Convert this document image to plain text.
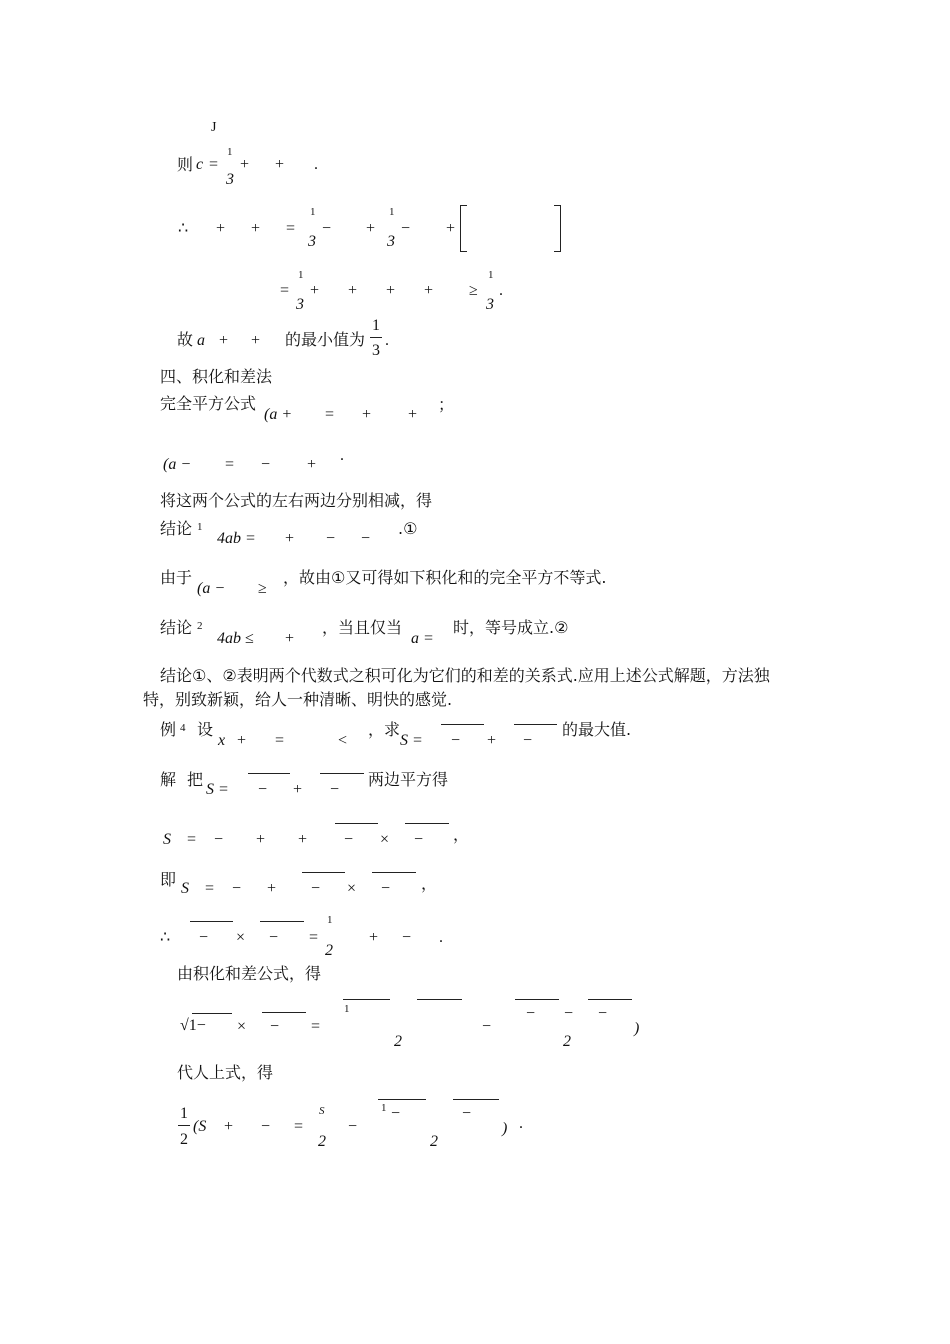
J
则 c =
1
3
+ + .
∴ + + =
1
3
− +
1
3
− +
=
1
3
+ + + + ≥
1
3
.
故 a + + 的最小值为
1
3
.
四、积化和差法
完全平方公式
(a + = + +
；
(a − = − +
.
将这两个公式的左右两边分别相减，得
结论 1
4ab = + − −
.①
由于
(a − ≥
，故由①又可得如下积化和的完全平方不等式.
结论 2
4ab ≤ +
，当且仅当
a =
时，等号成立.②
结论①、②表明两个代数式之积可化为它们的和差的关系式.应用上述公式解题，方法独
特，别致新颖，给人一种清晰、明快的感觉.
例 4 设
x + =	<
，求
S = − + −
的最大值.
解 把
S = − + −
两边平方得
S = − + + − × − ，
即 S = − + − × − ，
∴ − × − =
1
2
+ − .
由积化和差公式，得
√1− × − =
1
2
−
− −
2
−
)
代人上式，得
1
2
(S + − =
S
2
−
1 −	−
2
) .
